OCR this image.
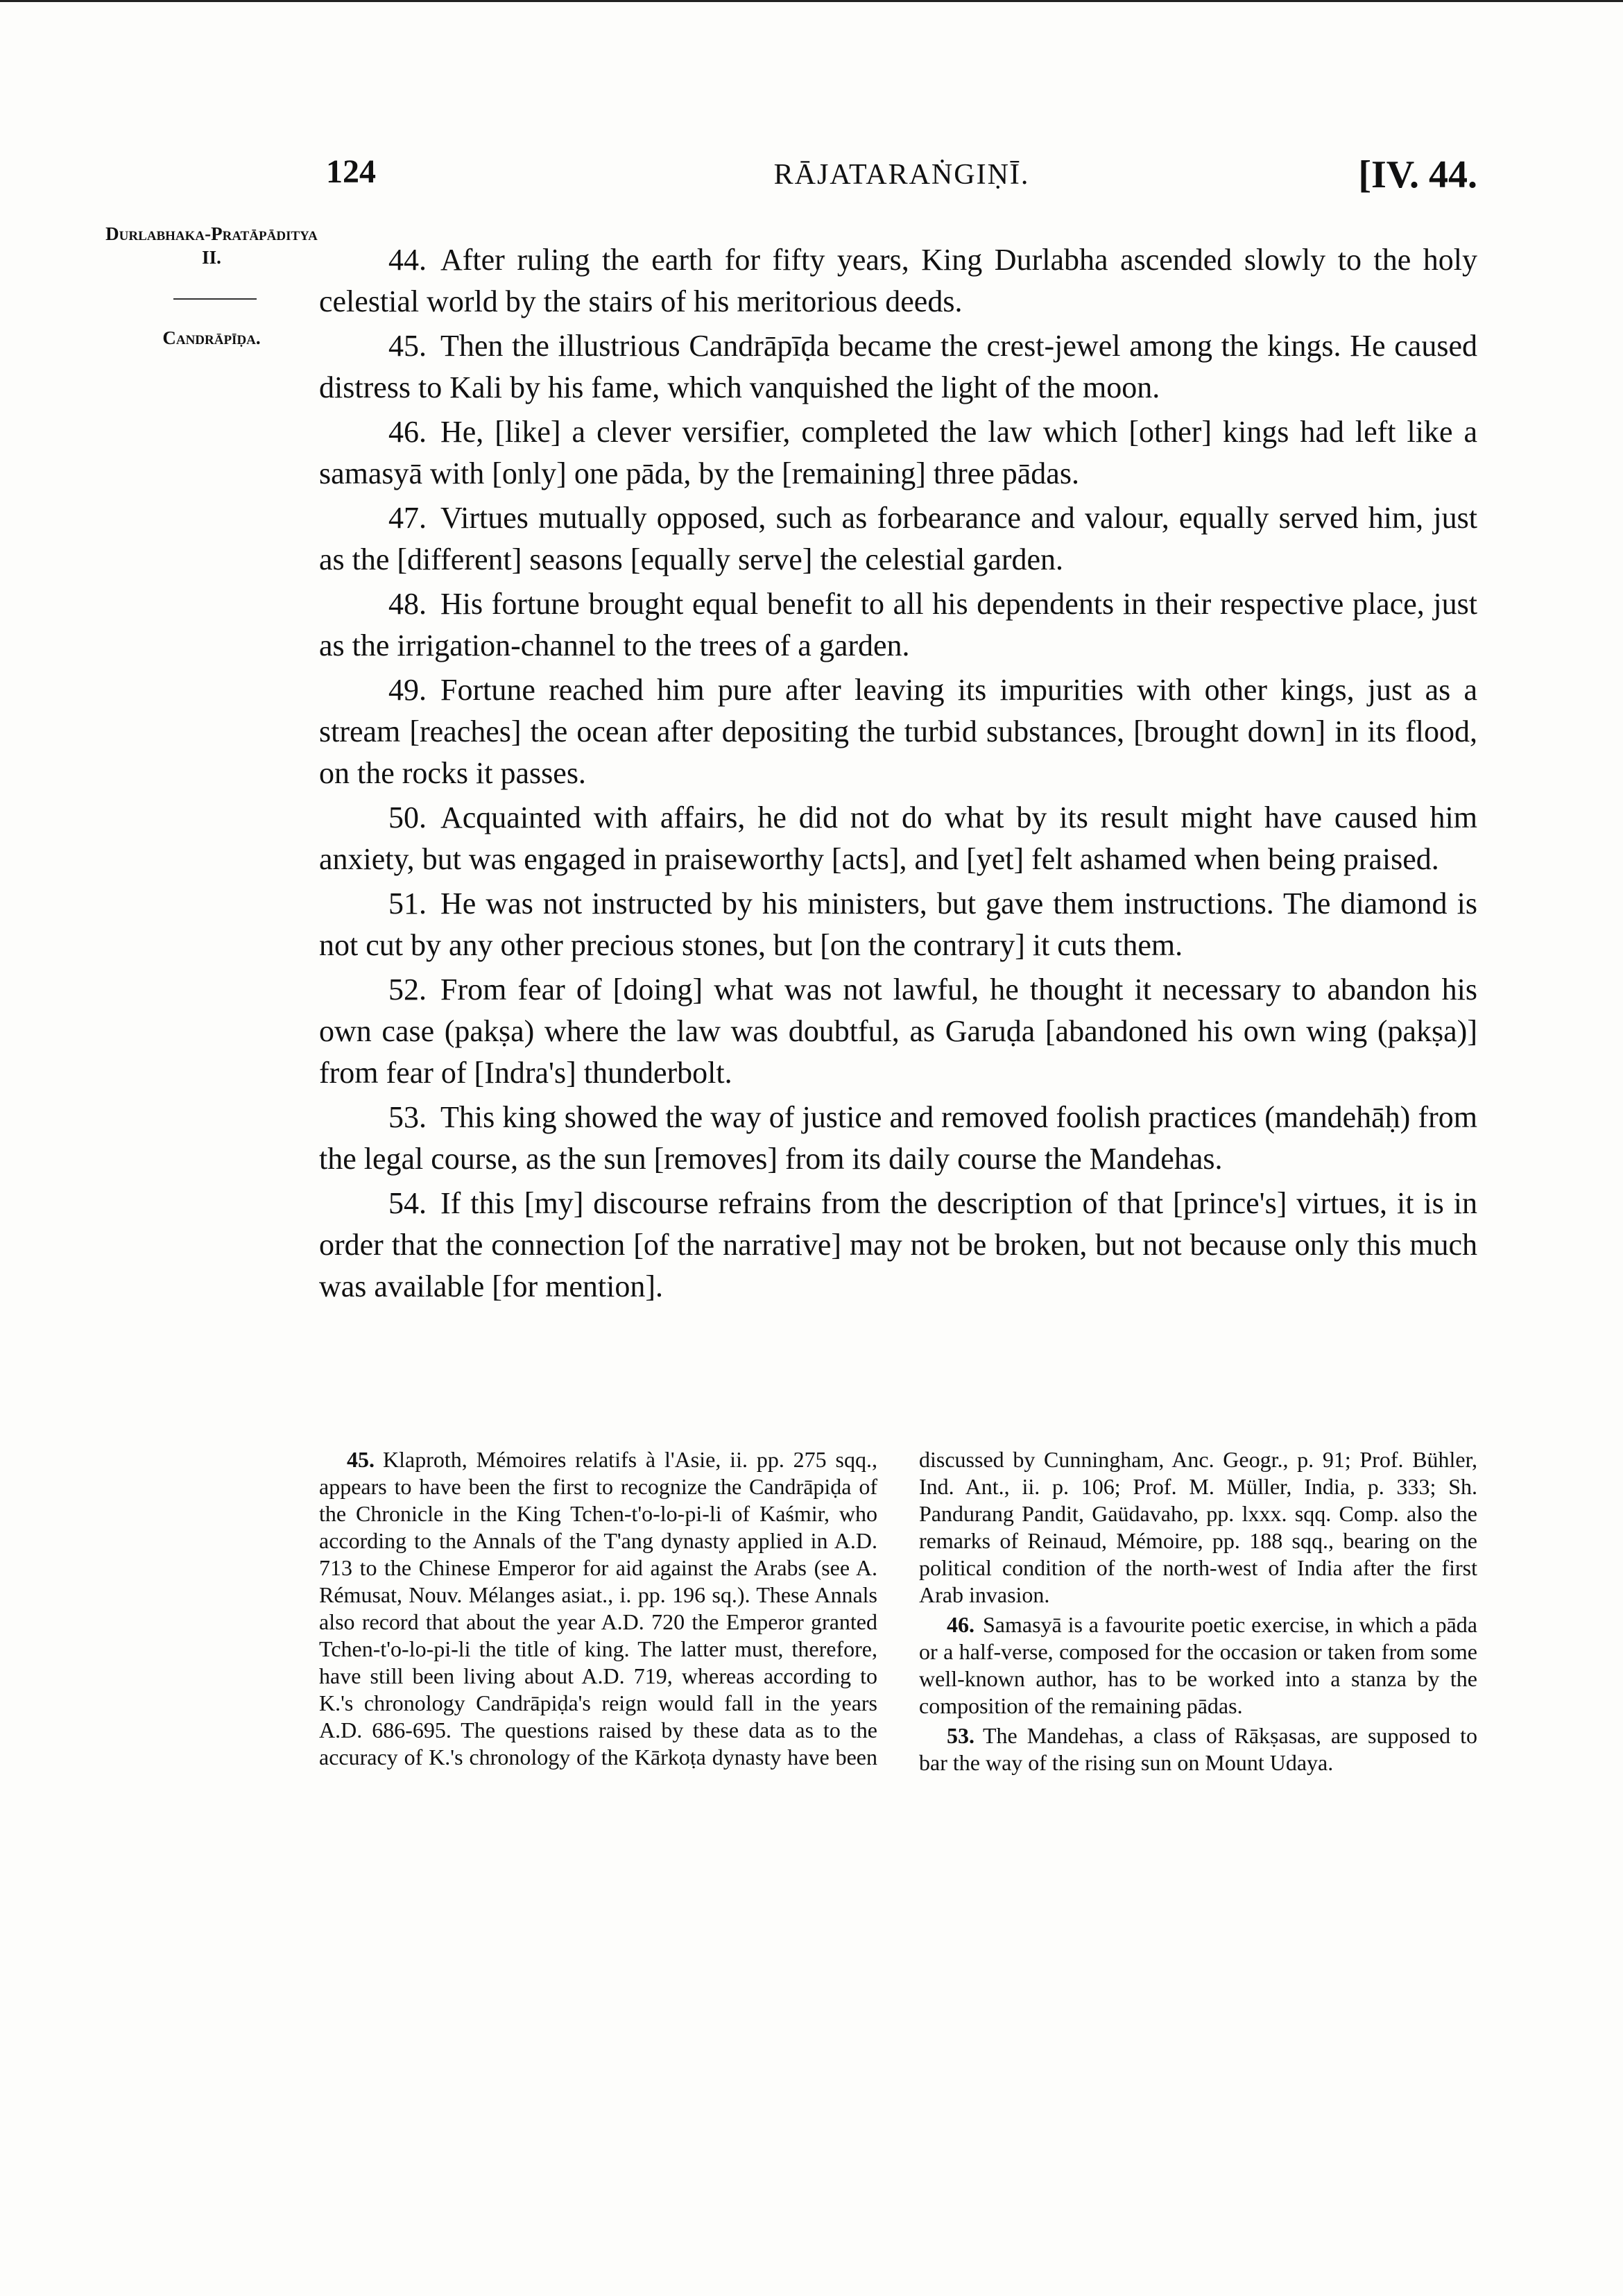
124	RĀJATARAṄGIṆĪ.	[IV. 44.
Durlabhaka-Pratāpāditya II.
Candrāpīḍa.

44. After ruling the earth for fifty years, King Durlabha ascended slowly to the holy celestial world by the stairs of his meritorious deeds.

45. Then the illustrious Candrāpīḍa became the crest-jewel among the kings. He caused distress to Kali by his fame, which vanquished the light of the moon.

46. He, [like] a clever versifier, completed the law which [other] kings had left like a samasyā with [only] one pāda, by the [remaining] three pādas.

47. Virtues mutually opposed, such as forbearance and valour, equally served him, just as the [different] seasons [equally serve] the celestial garden.

48. His fortune brought equal benefit to all his dependents in their respective place, just as the irrigation-channel to the trees of a garden.

49. Fortune reached him pure after leaving its impurities with other kings, just as a stream [reaches] the ocean after depositing the turbid substances, [brought down] in its flood, on the rocks it passes.

50. Acquainted with affairs, he did not do what by its result might have caused him anxiety, but was engaged in praiseworthy [acts], and [yet] felt ashamed when being praised.

51. He was not instructed by his ministers, but gave them instructions. The diamond is not cut by any other precious stones, but [on the contrary] it cuts them.

52. From fear of [doing] what was not lawful, he thought it necessary to abandon his own case (pakṣa) where the law was doubtful, as Garuḍa [abandoned his own wing (pakṣa)] from fear of [Indra's] thunderbolt.

53. This king showed the way of justice and removed foolish practices (mandehāḥ) from the legal course, as the sun [removes] from its daily course the Mandehas.

54. If this [my] discourse refrains from the description of that [prince's] virtues, it is in order that the connection [of the narrative] may not be broken, but not because only this much was available [for mention].

45. Klaproth, Mémoires relatifs à l'Asie, ii. pp. 275 sqq., appears to have been the first to recognize the Candrāpiḍa of the Chronicle in the King Tchen-t'o-lo-pi-li of Kaśmir, who according to the Annals of the T'ang dynasty applied in A.D. 713 to the Chinese Emperor for aid against the Arabs (see A. Rémusat, Nouv. Mélanges asiat., i. pp. 196 sq.). These Annals also record that about the year A.D. 720 the Emperor granted Tchen-t'o-lo-pi-li the title of king. The latter must, therefore, have still been living about A.D. 719, whereas according to K.'s chronology Candrāpiḍa's reign would fall in the years A.D. 686-695. The questions raised by these data as to the accuracy of K.'s chronology of the Kārkoṭa dynasty have been discussed by Cunningham, Anc. Geogr., p. 91; Prof. Bühler, Ind. Ant., ii. p. 106; Prof. M. Müller, India, p. 333; Sh. Pandurang Pandit, Gaüdavaho, pp. lxxx. sqq. Comp. also the remarks of Reinaud, Mémoire, pp. 188 sqq., bearing on the political condition of the north-west of India after the first Arab invasion.

46. Samasyā is a favourite poetic exercise, in which a pāda or a half-verse, composed for the occasion or taken from some well-known author, has to be worked into a stanza by the composition of the remaining pādas.

53. The Mandehas, a class of Rākṣasas, are supposed to bar the way of the rising sun on Mount Udaya.
